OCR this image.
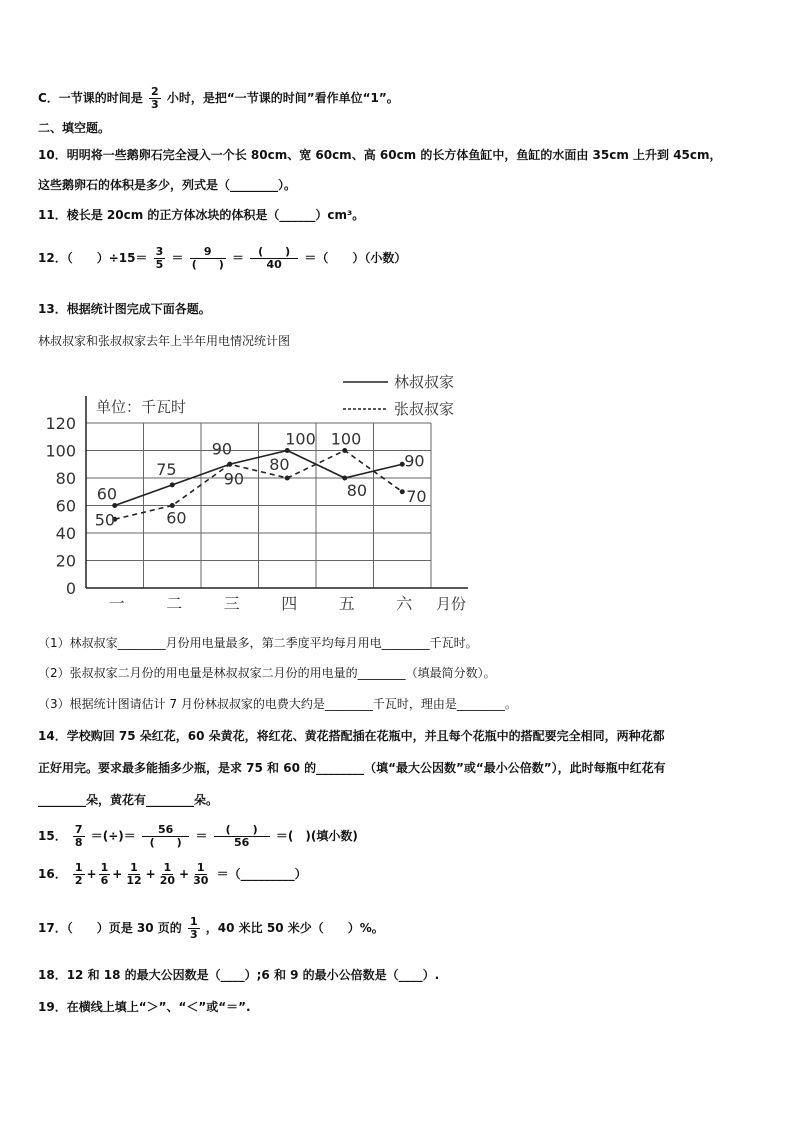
C．一节课的时间是 $\frac{2}{3}$ 小时，是把“一节课的时间”看作单位“1”。
二、填空题。
10．明明将一些鹅卵石完全浸入一个长 80cm、宽 60cm、高 60cm 的长方体鱼缸中，鱼缸的水面由 35cm 上升到 45cm，
这些鹅卵石的体积是多少，列式是（________）。
11．棱长是 20cm 的正方体冰块的体积是（______）cm³。
12．（　　）$\div 15= \frac{3}{5} = \frac{9}{( )} = \frac{( )}{40}$ ＝（　　）（小数）
13．根据统计图完成下面各题。
林叔叔家和张叔叔家去年上半年用电情况统计图
0
20
40
60
80
100
120
单位：千瓦时
一	二	三	四	五	六 月份
60
75
90
100
80
90
50	60
90
80
100
70
林叔叔家
张叔叔家
（1）林叔叔家________月份用电量最多，第二季度平均每月用电________千瓦时。
（2）张叔叔家二月份的用电量是林叔叔家二月份的用电量的________（填最简分数）。
（3）根据统计图请估计 7 月份林叔叔家的电费大约是________千瓦时，理由是________。
14．学校购回 75 朵红花，60 朵黄花，将红花、黄花搭配插在花瓶中，并且每个花瓶中的搭配要完全相同，两种花都
正好用完。要求最多能插多少瓶，是求 75 和 60 的________（填“最大公因数”或“最小公倍数”），此时每瓶中红花有
________朵，黄花有________朵。
15． $\frac{7}{8}$ ＝(÷)＝ $\frac{56}{( )} = \frac{( )}{56}$ ＝(　)(填小数)
16． $\frac{1}{2} + \frac{1}{6} + \frac{1}{12} + \frac{1}{20} + \frac{1}{30}$ ＝（_________）
17．（　　）页是 30 页的 $\frac{1}{3}$ ，40 米比 50 米少（　　）%。
18．12 和 18 的最大公因数是（____）;6 和 9 的最小公倍数是（____）.
19．在横线上填上“＞”、“＜”或“＝”.
